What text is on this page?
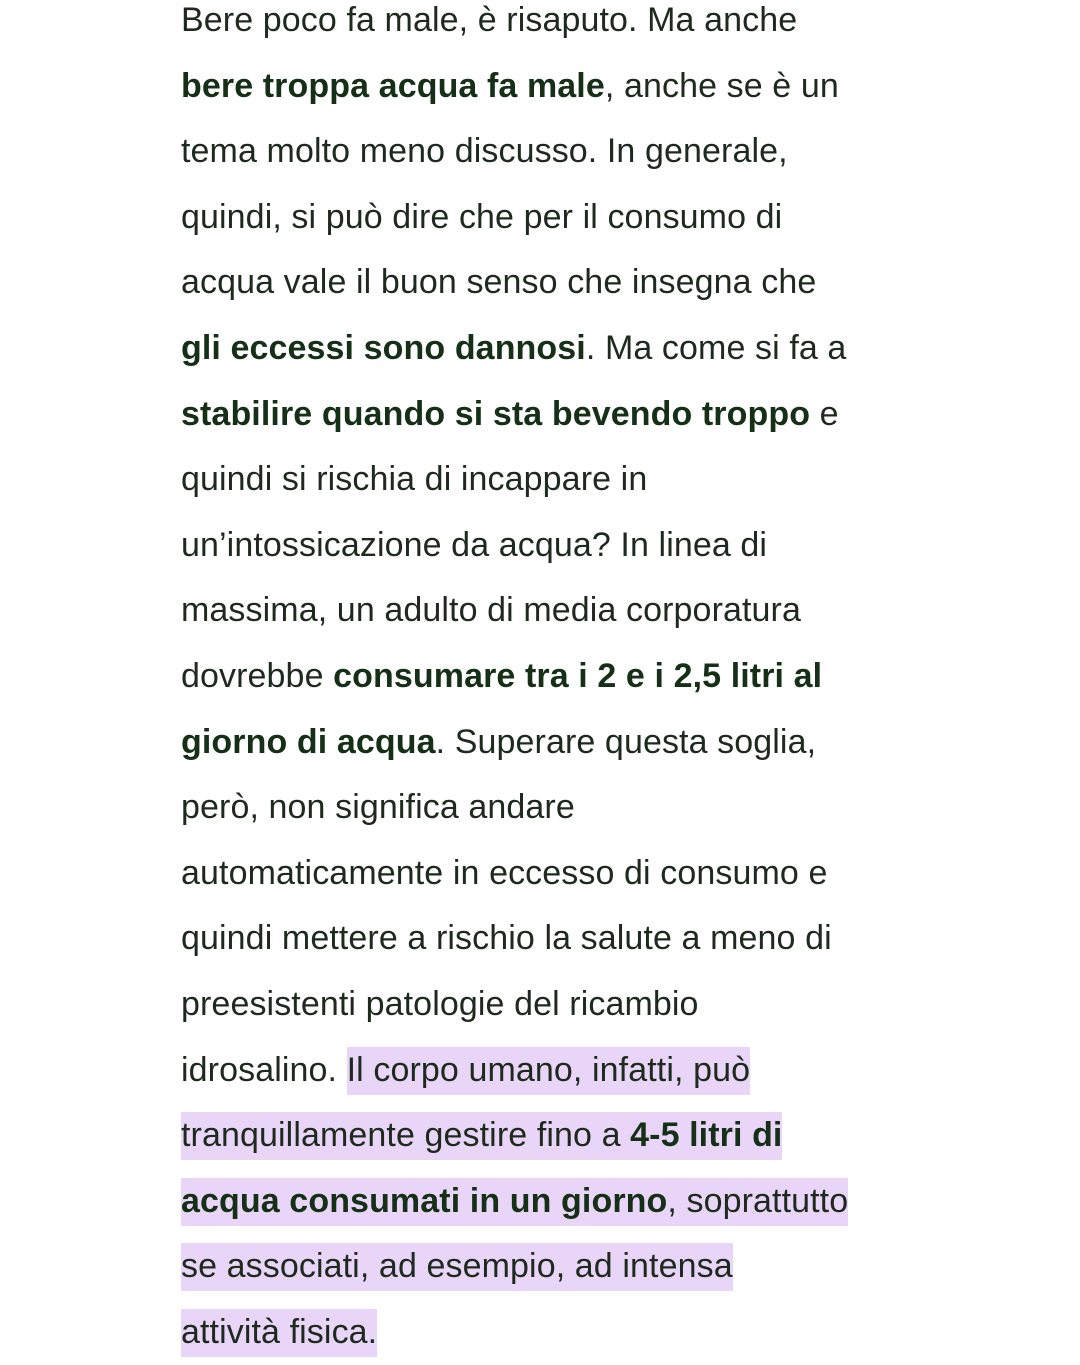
Bere poco fa male, è risaputo. Ma anche
bere troppa acqua fa male, anche se è un
tema molto meno discusso. In generale,
quindi, si può dire che per il consumo di
acqua vale il buon senso che insegna che
gli eccessi sono dannosi. Ma come si fa a
stabilire quando si sta bevendo troppo e
quindi si rischia di incappare in
un’intossicazione da acqua? In linea di
massima, un adulto di media corporatura
dovrebbe consumare tra i 2 e i 2,5 litri al
giorno di acqua. Superare questa soglia,
però, non significa andare
automaticamente in eccesso di consumo e
quindi mettere a rischio la salute a meno di
preesistenti patologie del ricambio
idrosalino. Il corpo umano, infatti, può
tranquillamente gestire fino a 4-5 litri di
acqua consumati in un giorno, soprattutto
se associati, ad esempio, ad intensa
attività fisica.
